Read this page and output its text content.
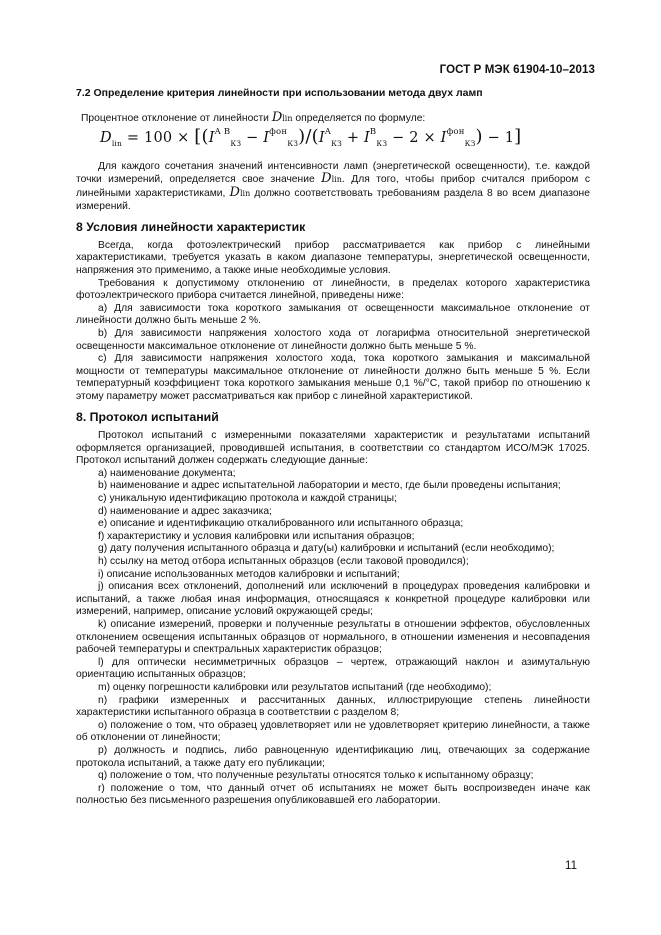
ГОСТ Р МЭК 61904-10–2013
7.2 Определение критерия линейности при использовании метода двух ламп

Процентное отклонение от линейности Dlin определяется по формуле:

$D_{lin} = 100 \times [(I^{A B}_{КЗ} - I^{фон}_{КЗ})/(I^A_{КЗ} + I^B_{КЗ} - 2 \times I^{фон}_{КЗ}) - 1]$

Для каждого сочетания значений интенсивности ламп (энергетической освещенности), т.е. каждой точки измерений, определяется свое значение Dlin. Для того, чтобы прибор считался прибором с линейными характеристиками, Dlin должно соответствовать требованиям раздела 8 во всем диапазоне измерений.

8 Условия линейности характеристик

Всегда, когда фотоэлектрический прибор рассматривается как прибор с линейными характеристиками, требуется указать в каком диапазоне температуры, энергетической освещенности, напряжения это применимо, а также иные необходимые условия.

Требования к допустимому отклонению от линейности, в пределах которого характеристика фотоэлектрического прибора считается линейной, приведены ниже:

а) Для зависимости тока короткого замыкания от освещенности максимальное отклонение от линейности должно быть меньше 2 %.

b) Для зависимости напряжения холостого хода от логарифма относительной энергетической освещенности максимальное отклонение от линейности должно быть меньше 5 %.

c) Для зависимости напряжения холостого хода, тока короткого замыкания и максимальной мощности от температуры максимальное отклонение от линейности должно быть меньше 5 %. Если температурный коэффициент тока короткого замыкания меньше 0,1 %/°C, такой прибор по отношению к этому параметру может рассматриваться как прибор с линейной характеристикой.

8. Протокол испытаний

Протокол испытаний с измеренными показателями характеристик и результатами испытаний оформляется организацией, проводившей испытания, в соответствии со стандартом ИСО/МЭК 17025. Протокол испытаний должен содержать следующие данные:

a) наименование документа;
b) наименование и адрес испытательной лаборатории и место, где были проведены испытания;
c) уникальную идентификацию протокола и каждой страницы;
d) наименование и адрес заказчика;
e) описание и идентификацию откалиброванного или испытанного образца;
f) характеристику и условия калибровки или испытания образцов;
g) дату получения испытанного образца и дату(ы) калибровки и испытаний (если необходимо);
h) ссылку на метод отбора испытанных образцов (если таковой проводился);
i) описание использованных методов калибровки и испытаний;
j) описания всех отклонений, дополнений или исключений в процедурах проведения калибровки и испытаний, а также любая иная информация, относящаяся к конкретной процедуре калибровки или измерений, например, описание условий окружающей среды;
k) описание измерений, проверки и полученные результаты в отношении эффектов, обусловленных отклонением освещения испытанных образцов от нормального, в отношении изменения и несовпадения рабочей температуры и спектральных характеристик образцов;
l) для оптически несимметричных образцов – чертеж, отражающий наклон и азимутальную ориентацию испытанных образцов;
m) оценку погрешности калибровки или результатов испытаний (где необходимо);
n) графики измеренных и рассчитанных данных, иллюстрирующие степень линейности характеристики испытанного образца в соответствии с разделом 8;
o) положение о том, что образец удовлетворяет или не удовлетворяет критерию линейности, а также об отклонении от линейности;
p) должность и подпись, либо равноценную идентификацию лиц, отвечающих за содержание протокола испытаний, а также дату его публикации;
q) положение о том, что полученные результаты относятся только к испытанному образцу;
r) положение о том, что данный отчет об испытаниях не может быть воспроизведен иначе как полностью без письменного разрешения опубликовавшей его лаборатории.
11
